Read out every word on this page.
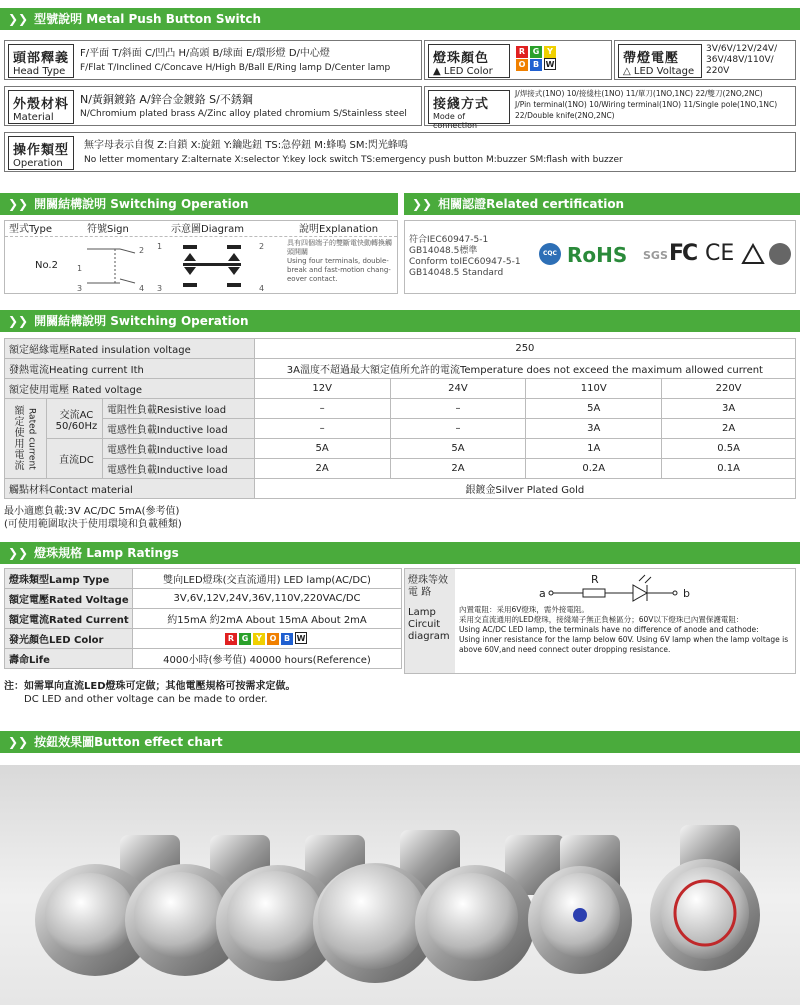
❯❯ 型號說明 Metal Push Button Switch
頭部釋義
Head Type
F/平面 T/斜面 C/凹凸 H/高頭 B/球面 E/環形燈 D/中心燈
F/Flat T/Inclined C/Concave H/High B/Ball E/Ring lamp D/Center lamp
燈珠顏色
▲ LED Color
R G Y
O B W	帶燈電壓
△ LED Voltage
3V/6V/12V/24V/
36V/48V/110V/
220V
外殼材料
Material
N/黃銅鍍鉻 A/鋅合金鍍鉻 S/不銹鋼
N/Chromium plated brass A/Zinc alloy plated chromium S/Stainless steel
接綫方式
Mode of connection
J/焊接式(1NO) 10/接綫柱(1NO) 11/單刀(1NO,1NC) 22/雙刀(2NO,2NC)
J/Pin terminal(1NO) 10/Wiring terminal(1NO) 11/Single pole(1NO,1NC)
22/Double knife(2NO,2NC)
操作類型
Operation
無字母表示自復 Z:自鎖 X:旋鈕 Y:鑰匙鈕 TS:急停鈕 M:蜂鳴 SM:閃光蜂鳴
No letter momentary Z:alternate X:selector Y:key lock switch TS:emergency push button M:buzzer SM:flash with buzzer
❯❯ 開關結構說明 Switching Operation	❯❯ 相關認證Related certification
型式Type	符號Sign	示意圖Diagram	說明Explanation
No.2 1
2
3	4
1	2
3	4
具有四個端子的雙斷電快動轉換觸頭開關
Using four terminals, double-
break and fast-motion chang-
eover contact.
符合IEC60947-5-1
GB14048.5標準
Conform toIEC60947-5-1
GB14048.5 Standard
CQC RoHS SGS FC CE
❯❯ 開關結構說明 Switching Operation
額定絕緣電壓Rated insulation voltage			250			
發熱電流Heating current Ith			3A溫度不超過最大額定值所允許的電流Temperature does not exceed the maximum allowed current			
額定使用電壓 Rated voltage			12V	24V	110V	220V

額定使用電流 Rated current	交流AC 50/60Hz	電阻性負載Resistive load	–	–	5A	3A
		電感性負載Inductive load	–	–	3A	2A
	直流DC	電感性負載Inductive load	5A	5A	1A	0.5A
		電感性負載Inductive load	2A	2A	0.2A	0.1A
觸點材料Contact material			銀鍍金Silver Plated Gold			
最小適應負載:3V AC/DC 5mA(參考值)
(可使用範圍取決于使用環境和負載種類)
❯❯ 燈珠規格 Lamp Ratings
燈珠類型Lamp Type	雙向LED燈珠(交直流通用) LED lamp(AC/DC)
額定電壓Rated Voltage	3V,6V,12V,24V,36V,110V,220VAC/DC
額定電流Rated Current	約15mA 約2mA About 15mA About 2mA
發光顏色LED Color	R G Y O B W
壽命Life	4000小時(參考值) 40000 hours(Reference)
燈珠等效電 路
Lamp Circuit diagram
a
R
b
內置電阻：采用6V燈珠，需外接電阻。
采用交直流通用的LED燈珠，接綫端子無正負極區分；60V以下燈珠已內置保護電阻：
Using AC/DC LED lamp, the terminals have no difference of anode and cathode:
Using inner resistance for the lamp below 60V. Using 6V lamp when the lamp voltage is
above 60V,and need connect outer dropping resistance.
注：如需單向直流LED燈珠可定做；其他電壓規格可按需求定做。
DC LED and other voltage can be made to order.
❯❯ 按鈕效果圖Button effect chart
